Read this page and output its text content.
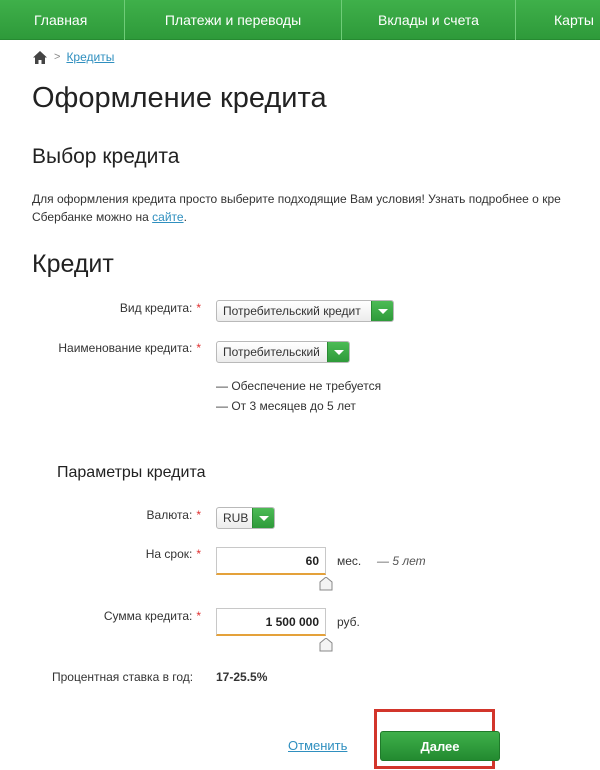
Главная	Платежи и переводы	Вклады и счета	Карты
> Кредиты
Оформление кредита
Выбор кредита
Для оформления кредита просто выберите подходящие Вам условия! Узнать подробнее о кре
Сбербанке можно на сайте.
Кредит
Вид кредита: *	Потребительский кредит
Наименование кредита: *	Потребительский
— Обеспечение не требуется
— От 3 месяцев до 5 лет
Параметры кредита
Валюта: *	RUB
На срок: *	60	мес. — 5 лет
Сумма кредита: *	1 500 000	руб.
Процентная ставка в год: 17-25.5%
Отменить	Далее
